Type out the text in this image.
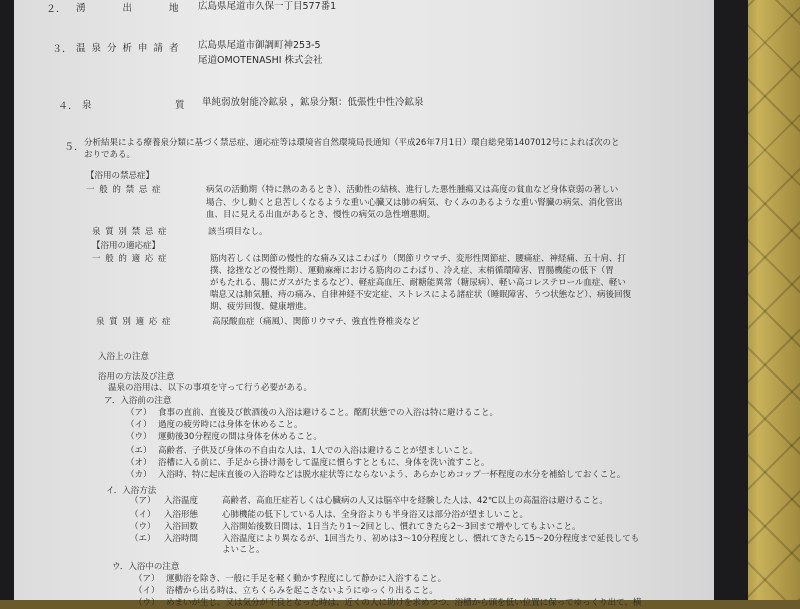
２． 湧　　出　　地 広島県尾道市久保一丁目577番1
３． 温泉分析申請者 広島県尾道市御調町神253-5
尾道OMOTENASHI 株式会社
４． 泉　　　　　質 単純弱放射能冷鉱泉 ，鉱泉分類：低張性中性冷鉱泉
５． 分析結果による療養泉分類に基づく禁忌症、適応症等は環境省自然環境局長通知（平成26年7月1日）環自総発第1407012号によれば次のと
おりである。
【浴用の禁忌症】
一 般 的 禁 忌 症	病気の活動期（特に熱のあるとき）、活動性の結核、進行した悪性腫瘍又は高度の貧血など身体衰弱の著しい
場合、少し動くと息苦しくなるような重い心臓又は肺の病気、むくみのあるような重い腎臓の病気、消化管出
血、目に見える出血があるとき、慢性の病気の急性増悪期。
泉 質 別 禁 忌 症	該当項目なし。
【浴用の適応症】
一 般 的 適 応 症	筋肉若しくは関節の慢性的な痛み又はこわばり（関節リウマチ、変形性関節症、腰痛症、神経痛、五十肩、打
撲、捻挫などの慢性期）、運動麻痺における筋肉のこわばり、冷え症、末梢循環障害、胃腸機能の低下（胃
がもたれる、腸にガスがたまるなど）、軽症高血圧、耐糖能異常（糖尿病）、軽い高コレステロール血症、軽い
喘息又は肺気腫、痔の痛み、自律神経不安定症、ストレスによる諸症状（睡眠障害、うつ状態など）、病後回復
期、疲労回復、健康増進。
泉 質 別 適 応 症	高尿酸血症（痛風）、関節リウマチ、強直性脊椎炎など
入浴上の注意
浴用の方法及び注意
温泉の浴用は、以下の事項を守って行う必要がある。
ア．入浴前の注意
（ア） 食事の直前、直後及び飲酒後の入浴は避けること。酩酊状態での入浴は特に避けること。
（イ） 過度の疲労時には身体を休めること。
（ウ） 運動後30分程度の間は身体を休めること。
（エ） 高齢者、子供及び身体の不自由な人は、1人での入浴は避けることが望ましいこと。
（オ） 浴槽に入る前に、手足から掛け湯をして温度に慣らすとともに、身体を洗い流すこと。
（カ） 入浴時、特に起床直後の入浴時などは脱水症状等にならないよう、あらかじめコップ一杯程度の水分を補給しておくこと。
イ．入浴方法
（ア） 入浴温度	高齢者、高血圧症若しくは心臓病の人又は脳卒中を経験した人は、42℃以上の高温浴は避けること。
（イ） 入浴形態	心肺機能の低下している人は、全身浴よりも半身浴又は部分浴が望ましいこと。
（ウ） 入浴回数	入浴開始後数日間は、1日当たり1～2回とし、慣れてきたら2～3回まで増やしてもよいこと。
（エ） 入浴時間	入浴温度により異なるが、1回当たり、初めは3～10分程度とし、慣れてきたら15～20分程度まで延長しても
よいこと。
ウ．入浴中の注意
（ア） 運動浴を除き、一般に手足を軽く動かす程度にして静かに入浴すること。
（イ） 浴槽から出る時は、立ちくらみを起こさないようにゆっくり出ること。
（ウ） めまいが生じ、又は気分が不良となった時は、近くの人に助けを求めつつ、浴槽から頭を低い位置に保ってゆっくり出て、横
